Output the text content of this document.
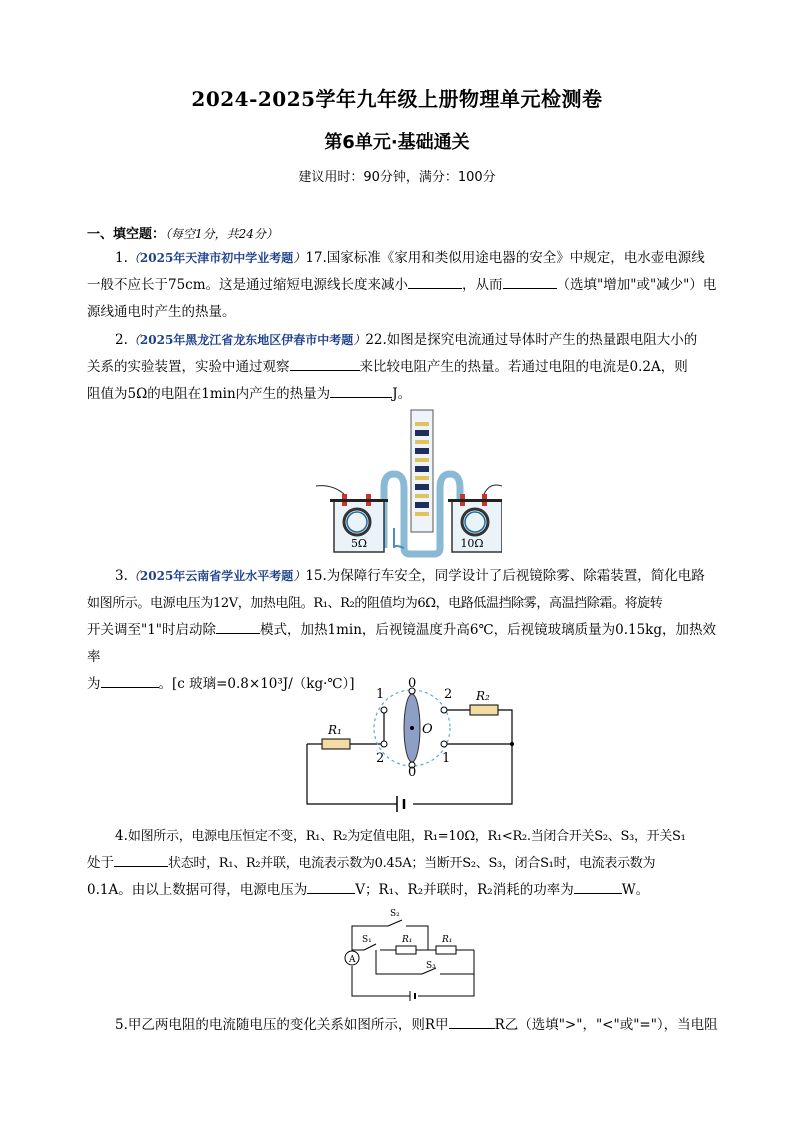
2024-2025学年九年级上册物理单元检测卷
第6单元·基础通关
建议用时：90分钟，满分：100分
一、填空题：（每空1分，共24分）
1.（2025年天津市初中学业考题）17.国家标准《家用和类似用途电器的安全》中规定，电水壶电源线
一般不应长于75cm。这是通过缩短电源线长度来减小	，从而	（选填"增加"或"减少"）电
源线通电时产生的热量。
2.（2025年黑龙江省龙东地区伊春市中考题）22.如图是探究电流通过导体时产生的热量跟电阻大小的
关系的实验装置，实验中通过观察	来比较电阻产生的热量。若通过电阻的电流是0.2A，则
阻值为5Ω的电阻在1min内产生的热量为	J。
5Ω	10Ω
3.（2025年云南省学业水平考题）15.为保障行车安全，同学设计了后视镜除雾、除霜装置，简化电路
如图所示。电源电压为12V，加热电阻。R₁、R₂的阻值均为6Ω，电路低温挡除雾，高温挡除霜。将旋转
开关调至"1"时启动除	模式，加热1min，后视镜温度升高6℃，后视镜玻璃质量为0.15kg，加热效率
为	。[c 玻璃=0.8×10³J/（kg·℃）]	0
1	2 R₂
R₁	O
2
0
1
4.如图所示，电源电压恒定不变，R₁、R₂为定值电阻，R₁=10Ω，R₁<R₂.当闭合开关S₂、S₃，开关S₁
处于	状态时，R₁、R₂并联，电流表示数为0.45A；当断开S₂、S₃，闭合S₁时，电流表示数为
0.1A。由以上数据可得，电源电压为	V；R₁、R₂并联时，R₂消耗的功率为	W。
A
S₂
S₁	R₁	R₁
S₃
5.甲乙两电阻的电流随电压的变化关系如图所示，则R甲	R乙（选填">"，"<"或"="），当电阻
